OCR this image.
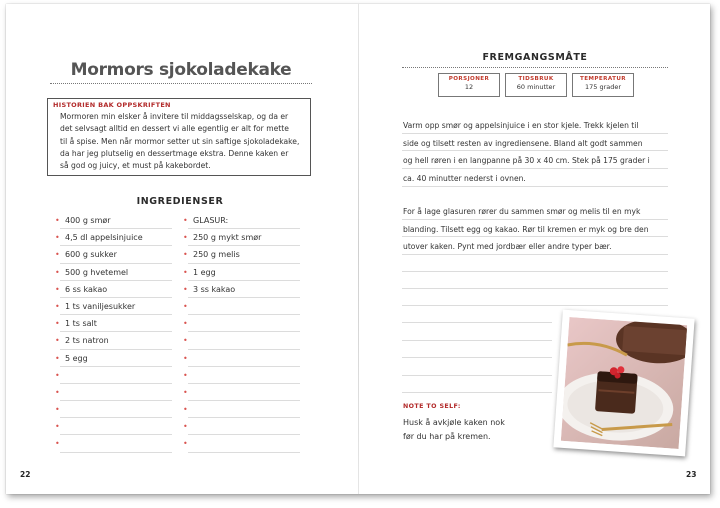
Mormors sjokoladekake
HISTORIEN BAK OPPSKRIFTEN
Mormoren min elsker å invitere til middagsselskap, og da er
det selvsagt alltid en dessert vi alle egentlig er alt for mette
til å spise. Men når mormor setter ut sin saftige sjokoladekake,
da har jeg plutselig en dessertmage ekstra. Denne kaken er
så god og juicy, et must på kakebordet.
INGREDIENSER
• 400 g smør
• 4,5 dl appelsinjuice
• 600 g sukker
• 500 g hvetemel
• 6 ss kakao
• 1 ts vaniljesukker
• 1 ts salt
• 2 ts natron
• 5 egg
•
•
•
•
•
• GLASUR:
• 250 g mykt smør
• 250 g melis
• 1 egg
• 3 ss kakao
•
•
•
•
•
•
•
•
•
22
FREMGANGSMÅTE
PORSJONER
12
TIDSBRUK
60 minutter
TEMPERATUR
175 grader
Varm opp smør og appelsinjuice i en stor kjele. Trekk kjelen til
side og tilsett resten av ingrediensene. Bland alt godt sammen
og hell røren i en langpanne på 30 x 40 cm. Stek på 175 grader i
ca. 40 minutter nederst i ovnen.
For å lage glasuren rører du sammen smør og melis til en myk
blanding. Tilsett egg og kakao. Rør til kremen er myk og bre den
utover kaken. Pynt med jordbær eller andre typer bær.
NOTE TO SELF:
Husk å avkjøle kaken nok
før du har på kremen.
23
